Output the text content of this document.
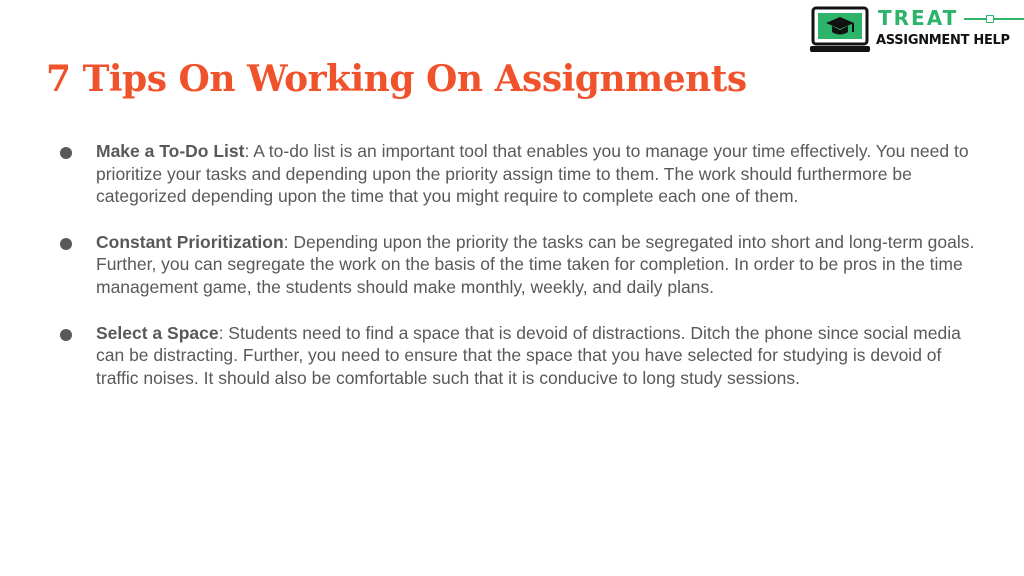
TREAT
ASSIGNMENT HELP
7 Tips On Working On Assignments
Make a To-Do List: A to-do list is an important tool that enables you to manage your time effectively. You need to prioritize your tasks and depending upon the priority assign time to them. The work should furthermore be categorized depending upon the time that you might require to complete each one of them.
Constant Prioritization: Depending upon the priority the tasks can be segregated into short and long-term goals. Further, you can segregate the work on the basis of the time taken for completion. In order to be pros in the time management game, the students should make monthly, weekly, and daily plans.
Select a Space: Students need to find a space that is devoid of distractions. Ditch the phone since social media can be distracting. Further, you need to ensure that the space that you have selected for studying is devoid of traffic noises. It should also be comfortable such that it is conducive to long study sessions.
